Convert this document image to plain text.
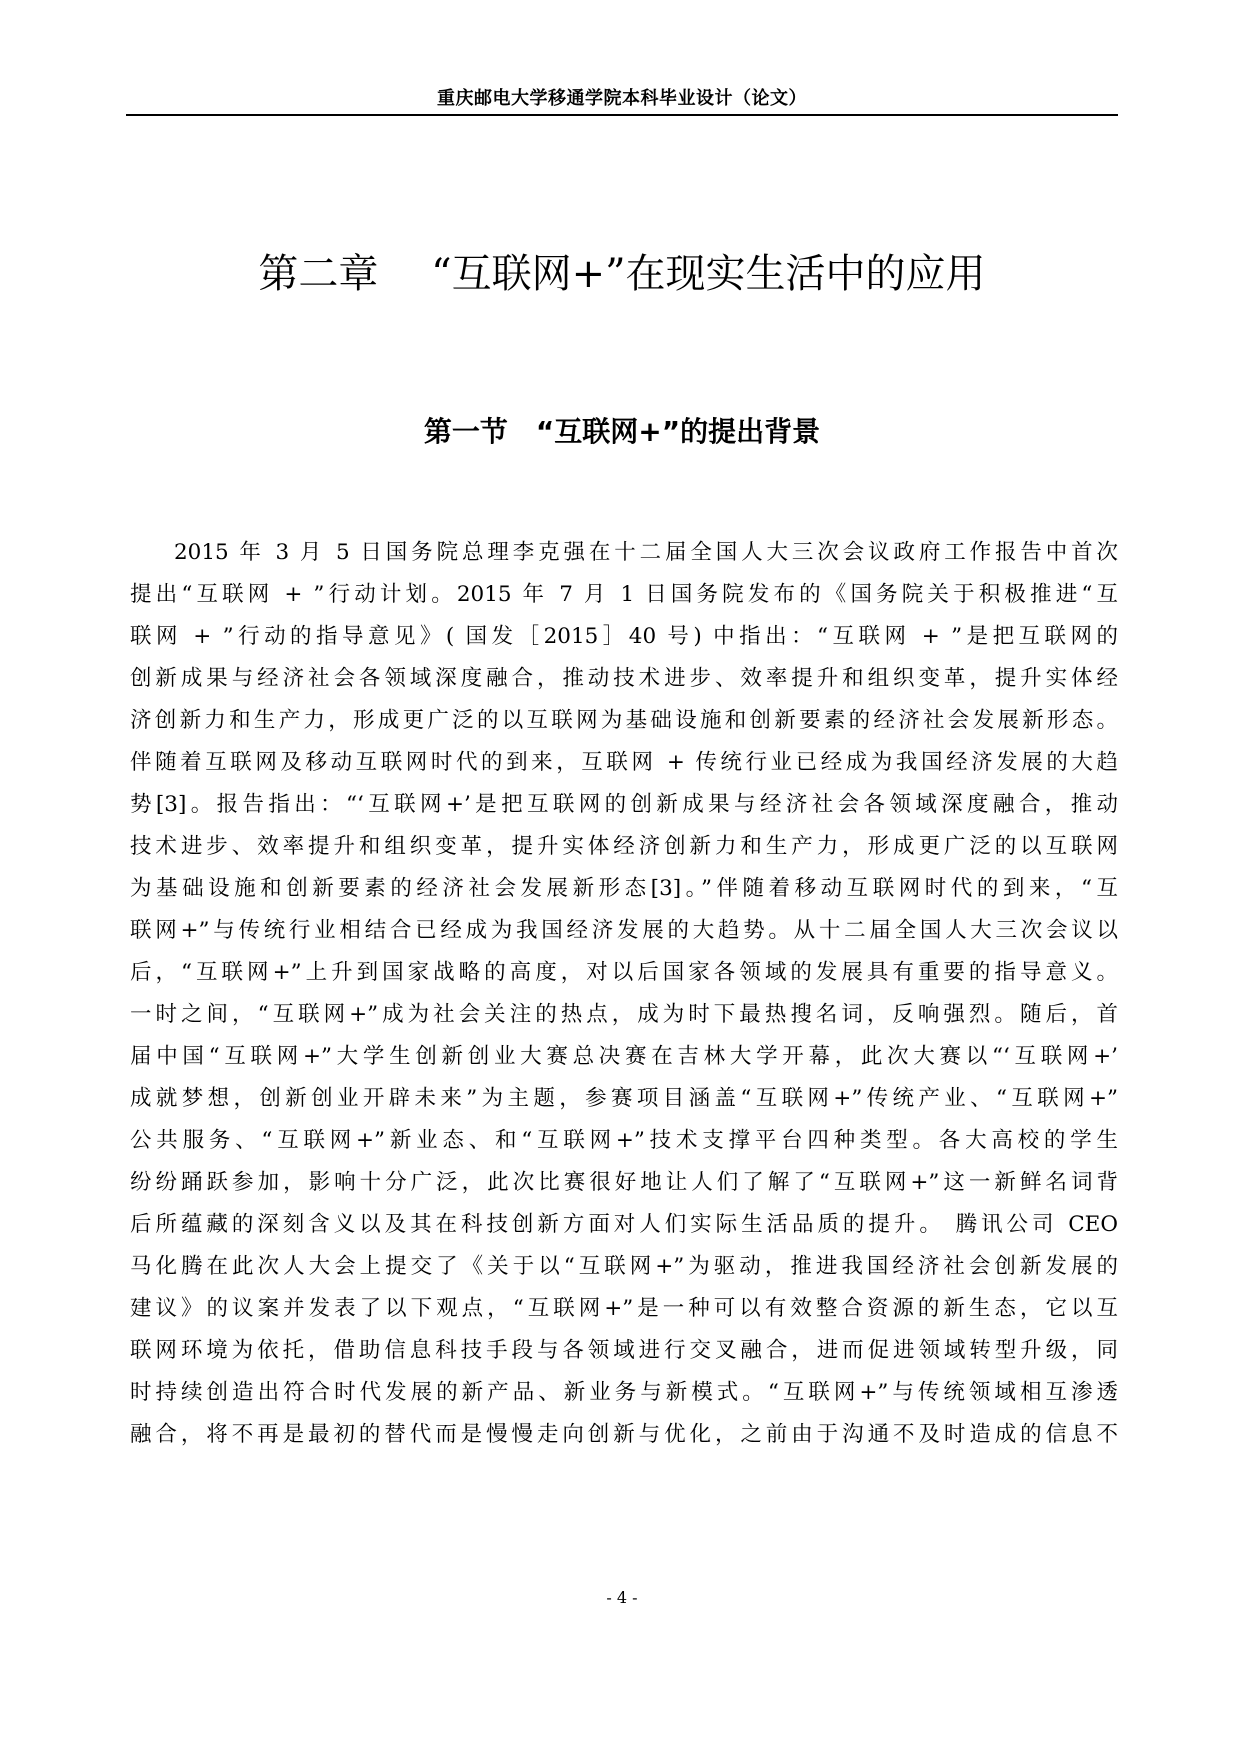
重庆邮电大学移通学院本科毕业设计（论文）
第二章　 “互联网+”在现实生活中的应用
第一节　“互联网+”的提出背景
2015 年 3 月 5 日国务院总理李克强在十二届全国人大三次会议政府工作报告中首次
提出“互联网 + ”行动计划。2015 年 7 月 1 日国务院发布的《国务院关于积极推进“互
联网 + ”行动的指导意见》( 国发［2015］40 号) 中指出：“互联网 + ”是把互联网的
创新成果与经济社会各领域深度融合，推动技术进步、效率提升和组织变革，提升实体经
济创新力和生产力，形成更广泛的以互联网为基础设施和创新要素的经济社会发展新形态。
伴随着互联网及移动互联网时代的到来，互联网 + 传统行业已经成为我国经济发展的大趋
势[3]。报告指出：“‘互联网+’是把互联网的创新成果与经济社会各领域深度融合，推动
技术进步、效率提升和组织变革，提升实体经济创新力和生产力，形成更广泛的以互联网
为基础设施和创新要素的经济社会发展新形态[3]。”伴随着移动互联网时代的到来，“互
联网+”与传统行业相结合已经成为我国经济发展的大趋势。从十二届全国人大三次会议以
后，“互联网+”上升到国家战略的高度，对以后国家各领域的发展具有重要的指导意义。
一时之间，“互联网+”成为社会关注的热点，成为时下最热搜名词，反响强烈。随后，首
届中国“互联网+”大学生创新创业大赛总决赛在吉林大学开幕，此次大赛以“‘互联网+’
成就梦想，创新创业开辟未来”为主题，参赛项目涵盖“互联网+”传统产业、“互联网+”
公共服务、“互联网+”新业态、和“互联网+”技术支撑平台四种类型。各大高校的学生
纷纷踊跃参加，影响十分广泛，此次比赛很好地让人们了解了“互联网+”这一新鲜名词背
后所蕴藏的深刻含义以及其在科技创新方面对人们实际生活品质的提升。 腾讯公司 CEO
马化腾在此次人大会上提交了《关于以“互联网+”为驱动，推进我国经济社会创新发展的
建议》的议案并发表了以下观点，“互联网+”是一种可以有效整合资源的新生态，它以互
联网环境为依托，借助信息科技手段与各领域进行交叉融合，进而促进领域转型升级，同
时持续创造出符合时代发展的新产品、新业务与新模式。“互联网+”与传统领域相互渗透
融合，将不再是最初的替代而是慢慢走向创新与优化，之前由于沟通不及时造成的信息不
- 4 -
